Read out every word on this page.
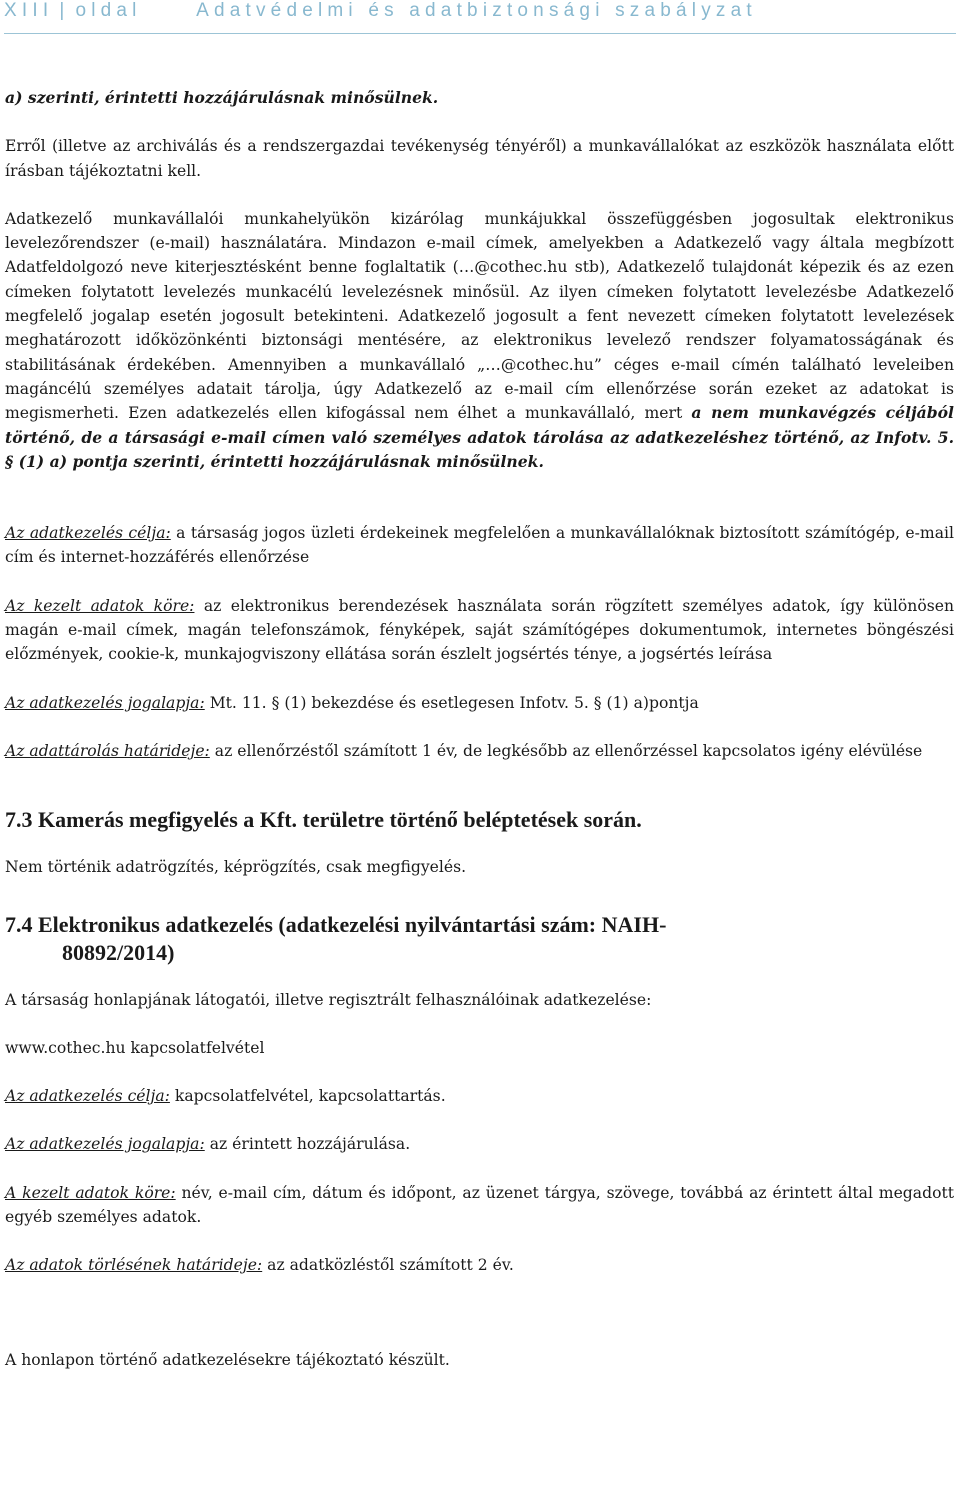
XIII | oldal	Adatvédelmi és adatbiztonsági szabályzat

a) szerinti, érintetti hozzájárulásnak minősülnek.

Erről (illetve az archiválás és a rendszergazdai tevékenység tényéről) a munkavállalókat az eszközök használata előtt írásban tájékoztatni kell.

Adatkezelő munkavállalói munkahelyükön kizárólag munkájukkal összefüggésben jogosultak elektronikus levelezőrendszer (e-mail) használatára. Mindazon e-mail címek, amelyekben a Adatkezelő vagy általa megbízott Adatfeldolgozó neve kiterjesztésként benne foglaltatik (…@cothec.hu stb), Adatkezelő tulajdonát képezik és az ezen címeken folytatott levelezés munkacélú levelezésnek minősül. Az ilyen címeken folytatott levelezésbe Adatkezelő megfelelő jogalap esetén jogosult betekinteni. Adatkezelő jogosult a fent nevezett címeken folytatott levelezések meghatározott időközönkénti biztonsági mentésére, az elektronikus levelező rendszer folyamatosságának és stabilitásának érdekében. Amennyiben a munkavállaló „…@cothec.hu” céges e-mail címén található leveleiben magáncélú személyes adatait tárolja, úgy Adatkezelő az e-mail cím ellenőrzése során ezeket az adatokat is megismerheti. Ezen adatkezelés ellen kifogással nem élhet a munkavállaló, mert a nem munkavégzés céljából történő, de a társasági e-mail címen való személyes adatok tárolása az adatkezeléshez történő, az Infotv. 5. § (1) a) pontja szerinti, érintetti hozzájárulásnak minősülnek.

Az adatkezelés célja: a társaság jogos üzleti érdekeinek megfelelően a munkavállalóknak biztosított számítógép, e-mail cím és internet-hozzáférés ellenőrzése

Az kezelt adatok köre: az elektronikus berendezések használata során rögzített személyes adatok, így különösen magán e-mail címek, magán telefonszámok, fényképek, saját számítógépes dokumentumok, internetes böngészési előzmények, cookie-k, munkajogviszony ellátása során észlelt jogsértés ténye, a jogsértés leírása

Az adatkezelés jogalapja: Mt. 11. § (1) bekezdése és esetlegesen Infotv. 5. § (1) a)pontja

Az adattárolás határideje: az ellenőrzéstől számított 1 év, de legkésőbb az ellenőrzéssel kapcsolatos igény elévülése

7.3 Kamerás megfigyelés a Kft. területre történő beléptetések során.

Nem történik adatrögzítés, képrögzítés, csak megfigyelés.

7.4 Elektronikus adatkezelés (adatkezelési nyilvántartási szám: NAIH-
80892/2014)

A társaság honlapjának látogatói, illetve regisztrált felhasználóinak adatkezelése:

www.cothec.hu kapcsolatfelvétel

Az adatkezelés célja: kapcsolatfelvétel, kapcsolattartás.

Az adatkezelés jogalapja: az érintett hozzájárulása.

A kezelt adatok köre: név, e-mail cím, dátum és időpont, az üzenet tárgya, szövege, továbbá az érintett által megadott egyéb személyes adatok.

Az adatok törlésének határideje: az adatközléstől számított 2 év.

A honlapon történő adatkezelésekre tájékoztató készült.
